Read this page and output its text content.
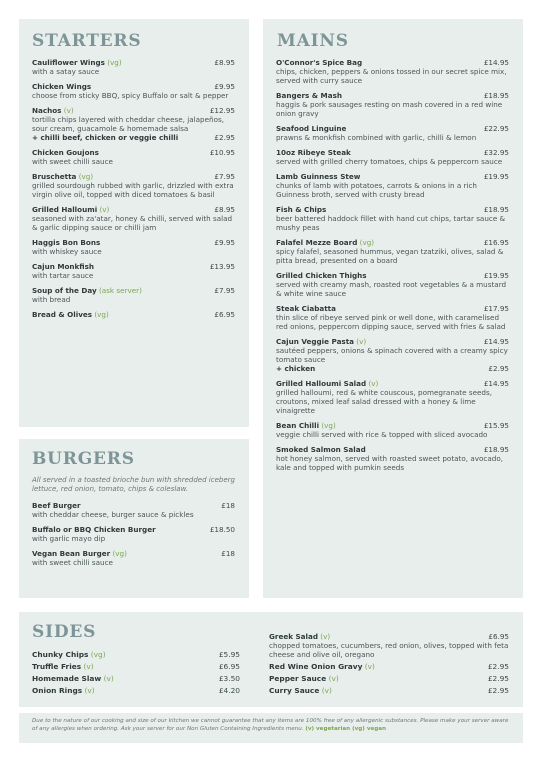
STARTERS
Cauliflower Wings (vg)	£8.95
with a satay sauce
Chicken Wings	£9.95
choose from sticky BBQ, spicy Buffalo or salt & pepper
Nachos (v)	£12.95
tortilla chips layered with cheddar cheese, jalapeños, sour cream, guacamole & homemade salsa
+ chilli beef, chicken or veggie chilli	£2.95
Chicken Goujons	£10.95
with sweet chilli sauce
Bruschetta (vg)	£7.95
grilled sourdough rubbed with garlic, drizzled with extra virgin olive oil, topped with diced tomatoes & basil
Grilled Halloumi (v)	£8.95
seasoned with za'atar, honey & chilli, served with salad & garlic dipping sauce or chilli jam
Haggis Bon Bons	£9.95
with whiskey sauce
Cajun Monkfish	£13.95
with tartar sauce
Soup of the Day (ask server)	£7.95
with bread
Bread & Olives (vg)	£6.95
BURGERS

All served in a toasted brioche bun with shredded iceberg lettuce, red onion, tomato, chips & coleslaw.

Beef Burger	£18
with cheddar cheese, burger sauce & pickles
Buffalo or BBQ Chicken Burger	£18.50
with garlic mayo dip
Vegan Bean Burger (vg)	£18
with sweet chilli sauce
MAINS
O'Connor's Spice Bag	£14.95
chips, chicken, peppers & onions tossed in our secret spice mix, served with curry sauce
Bangers & Mash	£18.95
haggis & pork sausages resting on mash covered in a red wine onion gravy
Seafood Linguine	£22.95
prawns & monkfish combined with garlic, chilli & lemon
10oz Ribeye Steak	£32.95
served with grilled cherry tomatoes, chips & peppercorn sauce
Lamb Guinness Stew	£19.95
chunks of lamb with potatoes, carrots & onions in a rich Guinness broth, served with crusty bread
Fish & Chips	£18.95
beer battered haddock fillet with hand cut chips, tartar sauce & mushy peas
Falafel Mezze Board (vg)	£16.95
spicy falafel, seasoned hummus, vegan tzatziki, olives, salad & pitta bread, presented on a board
Grilled Chicken Thighs	£19.95
served with creamy mash, roasted root vegetables & a mustard & white wine sauce
Steak Ciabatta	£17.95
thin slice of ribeye served pink or well done, with caramelised red onions, peppercorn dipping sauce, served with fries & salad
Cajun Veggie Pasta (v)	£14.95
sautéed peppers, onions & spinach covered with a creamy spicy tomato sauce
+ chicken	£2.95
Grilled Halloumi Salad (v)	£14.95
grilled halloumi, red & white couscous, pomegranate seeds, croutons, mixed leaf salad dressed with a honey & lime vinaigrette
Bean Chilli (vg)	£15.95
veggie chilli served with rice & topped with sliced avocado
Smoked Salmon Salad	£18.95
hot honey salmon, served with roasted sweet potato, avocado, kale and topped with pumkin seeds
SIDES
Chunky Chips (vg)	£5.95
Truffle Fries (v)	£6.95
Homemade Slaw (v)	£3.50
Onion Rings (v)	£4.20
Greek Salad (v)	£6.95
chopped tomatoes, cucumbers, red onion, olives, topped with feta cheese and olive oil, oregano
Red Wine Onion Gravy (v)	£2.95
Pepper Sauce (v)	£2.95
Curry Sauce (v)	£2.95

Due to the nature of our cooking and size of our kitchen we cannot guarantee that any items are 100% free of any allergenic substances. Please make your server aware of any allergies when ordering. Ask your server for our Non Gluten Containing Ingredients menu. (v) vegetarian (vg) vegan
